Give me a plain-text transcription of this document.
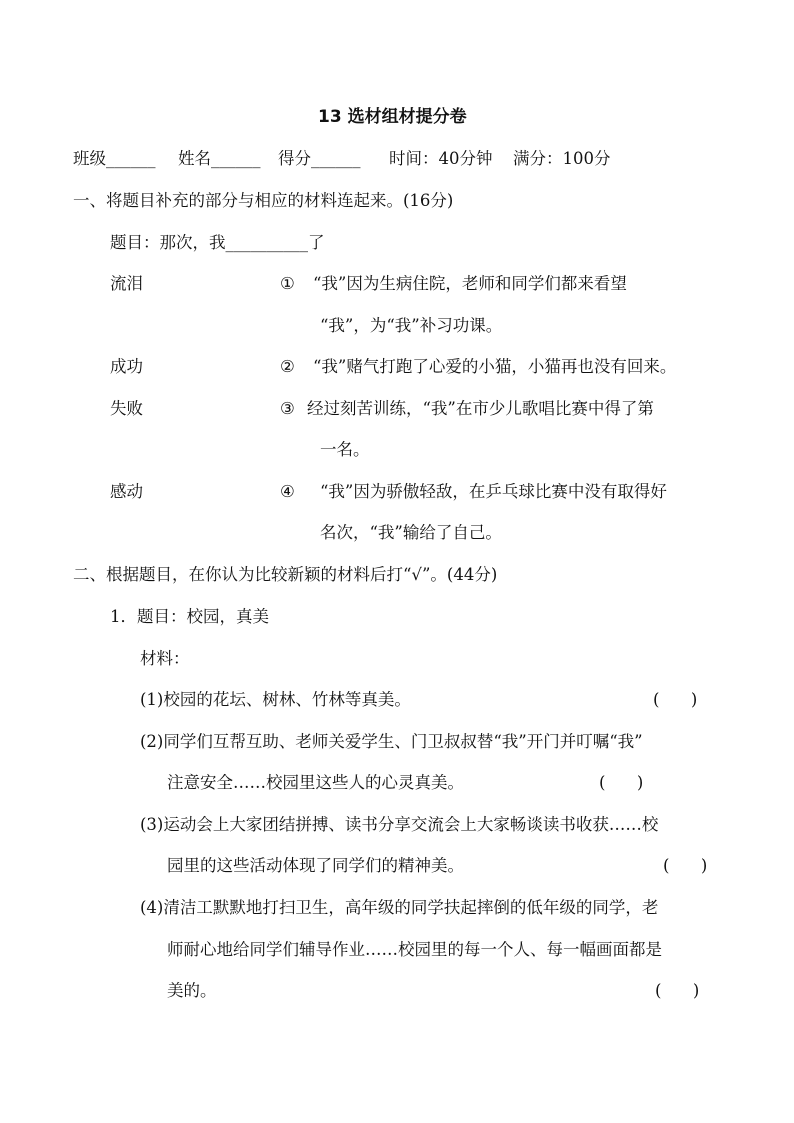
13 选材组材提分卷
班级______ 姓名______ 得分______ 时间：40分钟 满分：100分
一、将题目补充的部分与相应的材料连起来。(16分)
题目：那次，我__________了
流泪	① “我”因为生病住院，老师和同学们都来看望
“我”，为“我”补习功课。
成功	② “我”赌气打跑了心爱的小猫，小猫再也没有回来。
失败	③ 经过刻苦训练，“我”在市少儿歌唱比赛中得了第
一名。
感动	④ “我”因为骄傲轻敌，在乒乓球比赛中没有取得好
名次，“我”输给了自己。
二、根据题目，在你认为比较新颖的材料后打“√”。(44分)
1．题目：校园，真美
材料：
(1)校园的花坛、树林、竹林等真美。	(      )
(2)同学们互帮互助、老师关爱学生、门卫叔叔替“我”开门并叮嘱“我”
注意安全……校园里这些人的心灵真美。	(      )
(3)运动会上大家团结拼搏、读书分享交流会上大家畅谈读书收获……校
园里的这些活动体现了同学们的精神美。	(      )
(4)清洁工默默地打扫卫生，高年级的同学扶起摔倒的低年级的同学，老
师耐心地给同学们辅导作业……校园里的每一个人、每一幅画面都是
美的。	(      )
